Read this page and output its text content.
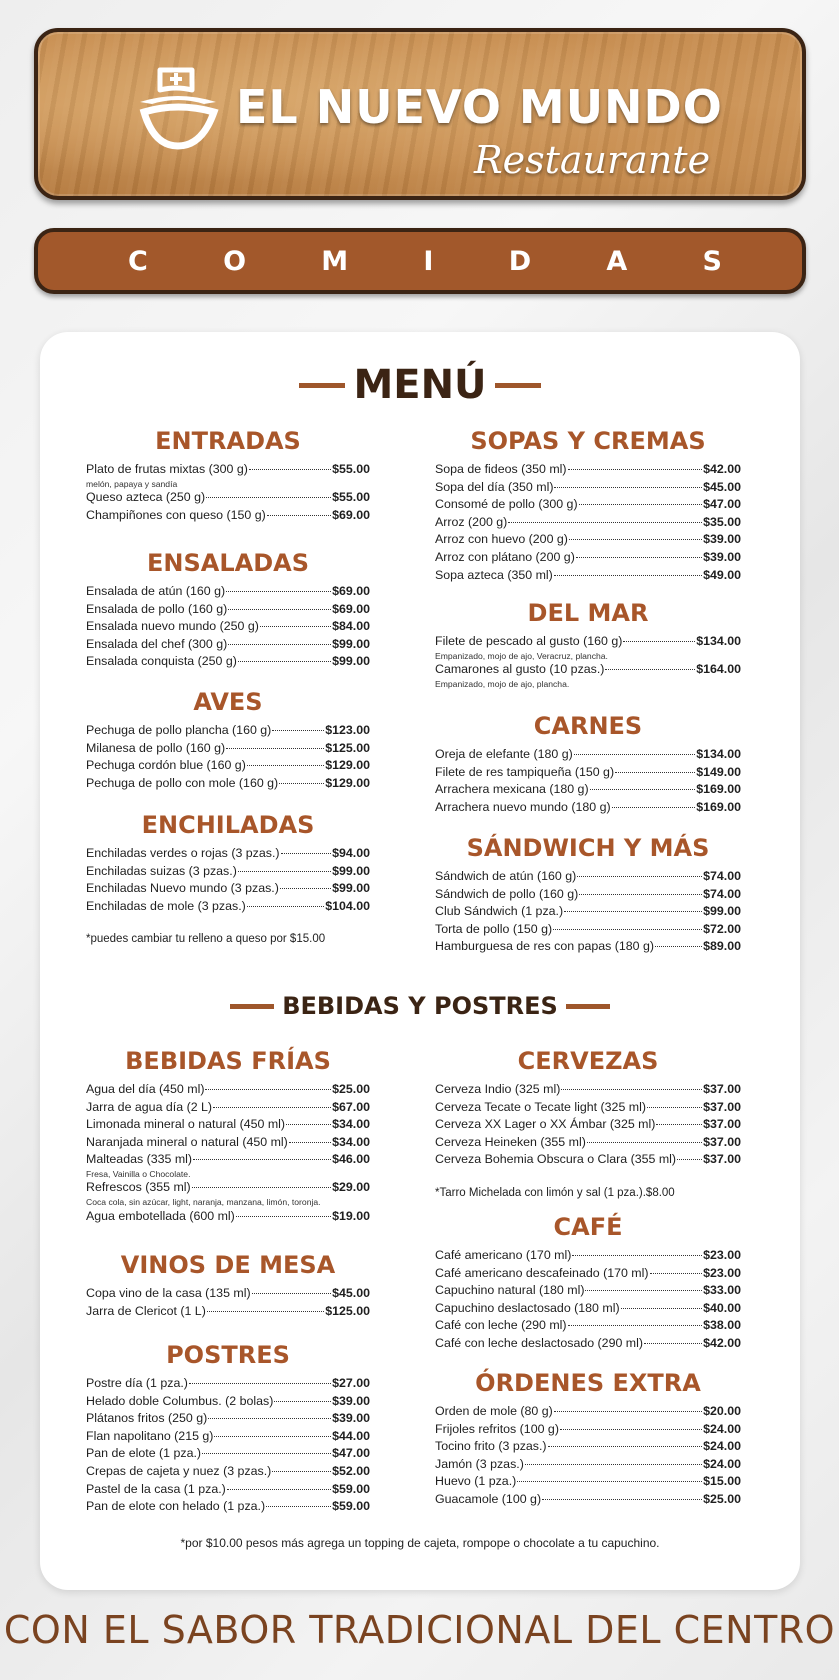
EL NUEVO MUNDO
Restaurante
C	O	M	I	D	A	S
MENÚ
ENTRADAS
Plato de frutas mixtas (300 g)	$55.00
melón, papaya y sandía
Queso azteca (250 g)	$55.00
Champiñones con queso (150 g)	$69.00
ENSALADAS
Ensalada de atún (160 g)	$69.00
Ensalada de pollo (160 g)	$69.00
Ensalada nuevo mundo (250 g)	$84.00
Ensalada del chef (300 g)	$99.00
Ensalada conquista (250 g)	$99.00
AVES
Pechuga de pollo plancha (160 g)	$123.00
Milanesa de pollo (160 g)	$125.00
Pechuga cordón blue (160 g)	$129.00
Pechuga de pollo con mole (160 g)	$129.00
ENCHILADAS
Enchiladas verdes o rojas (3 pzas.)	$94.00
Enchiladas suizas (3 pzas.)	$99.00
Enchiladas Nuevo mundo (3 pzas.)	$99.00
Enchiladas de mole (3 pzas.)	$104.00
*puedes cambiar tu relleno a queso por $15.00
SOPAS Y CREMAS
Sopa de fideos (350 ml)	$42.00
Sopa del día (350 ml)	$45.00
Consomé de pollo (300 g)	$47.00
Arroz (200 g)	$35.00
Arroz con huevo (200 g)	$39.00
Arroz con plátano (200 g)	$39.00
Sopa azteca (350 ml)	$49.00
DEL MAR
Filete de pescado al gusto (160 g)	$134.00
Empanizado, mojo de ajo, Veracruz, plancha.
Camarones al gusto (10 pzas.)	$164.00
Empanizado, mojo de ajo, plancha.
CARNES
Oreja de elefante (180 g)	$134.00
Filete de res tampiqueña (150 g)	$149.00
Arrachera mexicana (180 g)	$169.00
Arrachera nuevo mundo (180 g)	$169.00
SÁNDWICH Y MÁS
Sándwich de atún (160 g)	$74.00
Sándwich de pollo (160 g)	$74.00
Club Sándwich (1 pza.)	$99.00
Torta de pollo (150 g)	$72.00
Hamburguesa de res con papas (180 g)	$89.00
BEBIDAS Y POSTRES
BEBIDAS FRÍAS
Agua del día (450 ml)	$25.00
Jarra de agua día (2 L)	$67.00
Limonada mineral o natural (450 ml)	$34.00
Naranjada mineral o natural (450 ml)	$34.00
Malteadas (335 ml)	$46.00
Fresa, Vainilla o Chocolate.
Refrescos (355 ml)	$29.00
Coca cola, sin azúcar, light, naranja, manzana, limón, toronja.
Agua embotellada (600 ml)	$19.00
VINOS DE MESA
Copa vino de la casa (135 ml)	$45.00
Jarra de Clericot (1 L)	$125.00
POSTRES
Postre día (1 pza.)	$27.00
Helado doble Columbus. (2 bolas)	$39.00
Plátanos fritos (250 g)	$39.00
Flan napolitano (215 g)	$44.00
Pan de elote (1 pza.)	$47.00
Crepas de cajeta y nuez (3 pzas.)	$52.00
Pastel de la casa (1 pza.)	$59.00
Pan de elote con helado (1 pza.)	$59.00
CERVEZAS
Cerveza Indio (325 ml)	$37.00
Cerveza Tecate o Tecate light (325 ml)	$37.00
Cerveza XX Lager o XX Ámbar (325 ml)	$37.00
Cerveza Heineken (355 ml)	$37.00
Cerveza Bohemia Obscura o Clara (355 ml) $37.00
*Tarro Michelada con limón y sal (1 pza.).$8.00
CAFÉ
Café americano (170 ml)	$23.00
Café americano descafeinado (170 ml)	$23.00
Capuchino natural (180 ml)	$33.00
Capuchino deslactosado (180 ml)	$40.00
Café con leche (290 ml)	$38.00
Café con leche deslactosado (290 ml)	$42.00
ÓRDENES EXTRA
Orden de mole (80 g)	$20.00
Frijoles refritos (100 g)	$24.00
Tocino frito (3 pzas.)	$24.00
Jamón (3 pzas.)	$24.00
Huevo (1 pza.)	$15.00
Guacamole (100 g)	$25.00
*por $10.00 pesos más agrega un topping de cajeta, rompope o chocolate a tu capuchino.
CON EL SABOR TRADICIONAL DEL CENTRO
